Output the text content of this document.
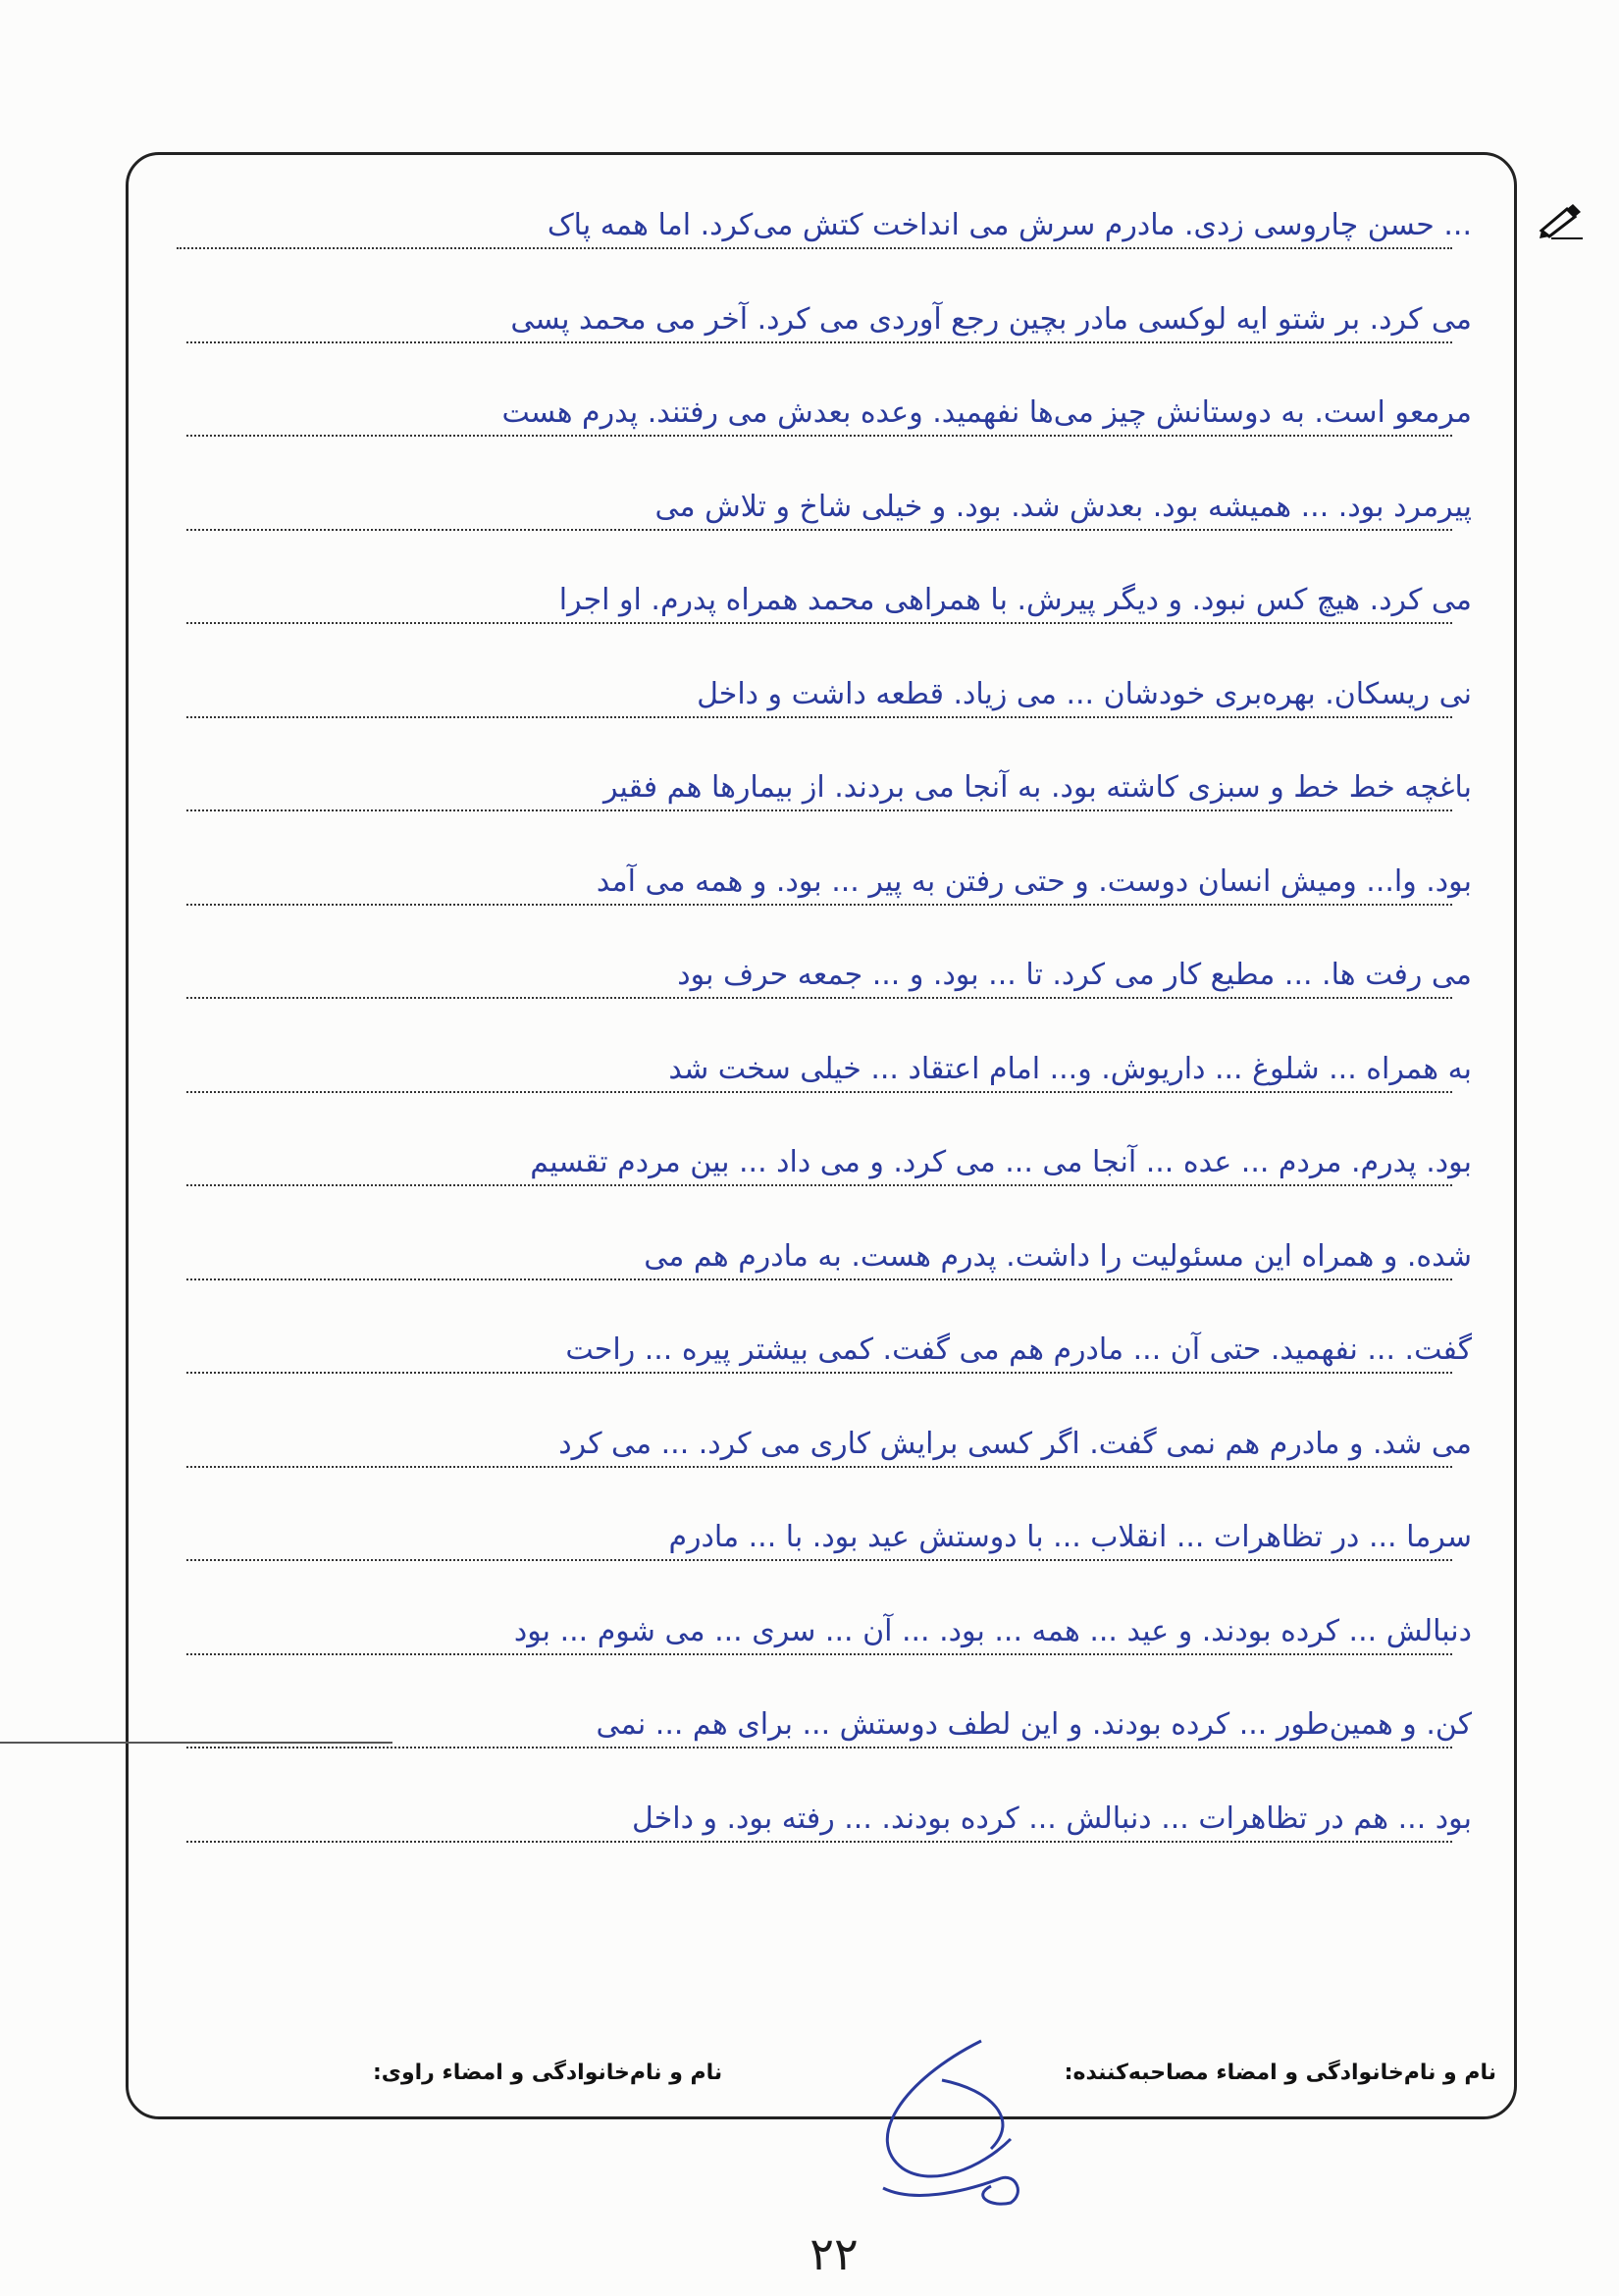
... حسن چاروسی زدی. مادرم سرش می انداخت کتش می‌کرد. اما همه پاک
می کرد. بر شتو ایه لوکسی مادر بچین رجع آوردی می کرد. آخر می محمد پسی
مرمعو است. به دوستانش چیز می‌ها نفهمید. وعده بعدش می رفتند. پدرم هست
پیرمرد بود. ... همیشه بود. بعدش شد. بود. و خیلی شاخ و تلاش می
می کرد. هیچ کس نبود. و دیگر پیرش. با همراهی محمد همراه پدرم. او اجرا
نی ریسکان. بهره‌بری خودشان ... می زیاد. قطعه داشت و داخل
باغچه خط خط و سبزی کاشته بود. به آنجا می بردند. از بیمارها هم فقیر
بود. وا... ومیش انسان دوست. و حتی رفتن به پیر ... بود. و همه می آمد
می رفت ها. ... مطیع کار می کرد. تا ... بود. و ... جمعه حرف بود
به همراه ... شلوغ ... داریوش. و... امام اعتقاد ... خیلی سخت شد
بود. پدرم. مردم ... عده ... آنجا می ... می کرد. و می داد ... بین مردم تقسیم
شده. و همراه این مسئولیت را داشت. پدرم هست. به مادرم هم می
گفت. ... نفهمید. حتی آن ... مادرم هم می گفت. کمی بیشتر پیره ... راحت
می شد. و مادرم هم نمی گفت. اگر کسی برایش کاری می کرد. ... می کرد
سرما ... در تظاهرات ... انقلاب ... با دوستش عید بود. با ... مادرم
دنبالش ... کرده بودند. و عید ... همه ... بود. ... آن ... سری ... می شوم ... بود
کن. و همین‌طور ... کرده بودند. و این لطف دوستش ... برای هم ... نمی
بود ... هم در تظاهرات ... دنبالش ... کرده بودند. ... رفته بود. و داخل
نام و نام‌خانوادگی و امضاء مصاحبه‌کننده:
نام و نام‌خانوادگی و امضاء راوی:
۲۲
